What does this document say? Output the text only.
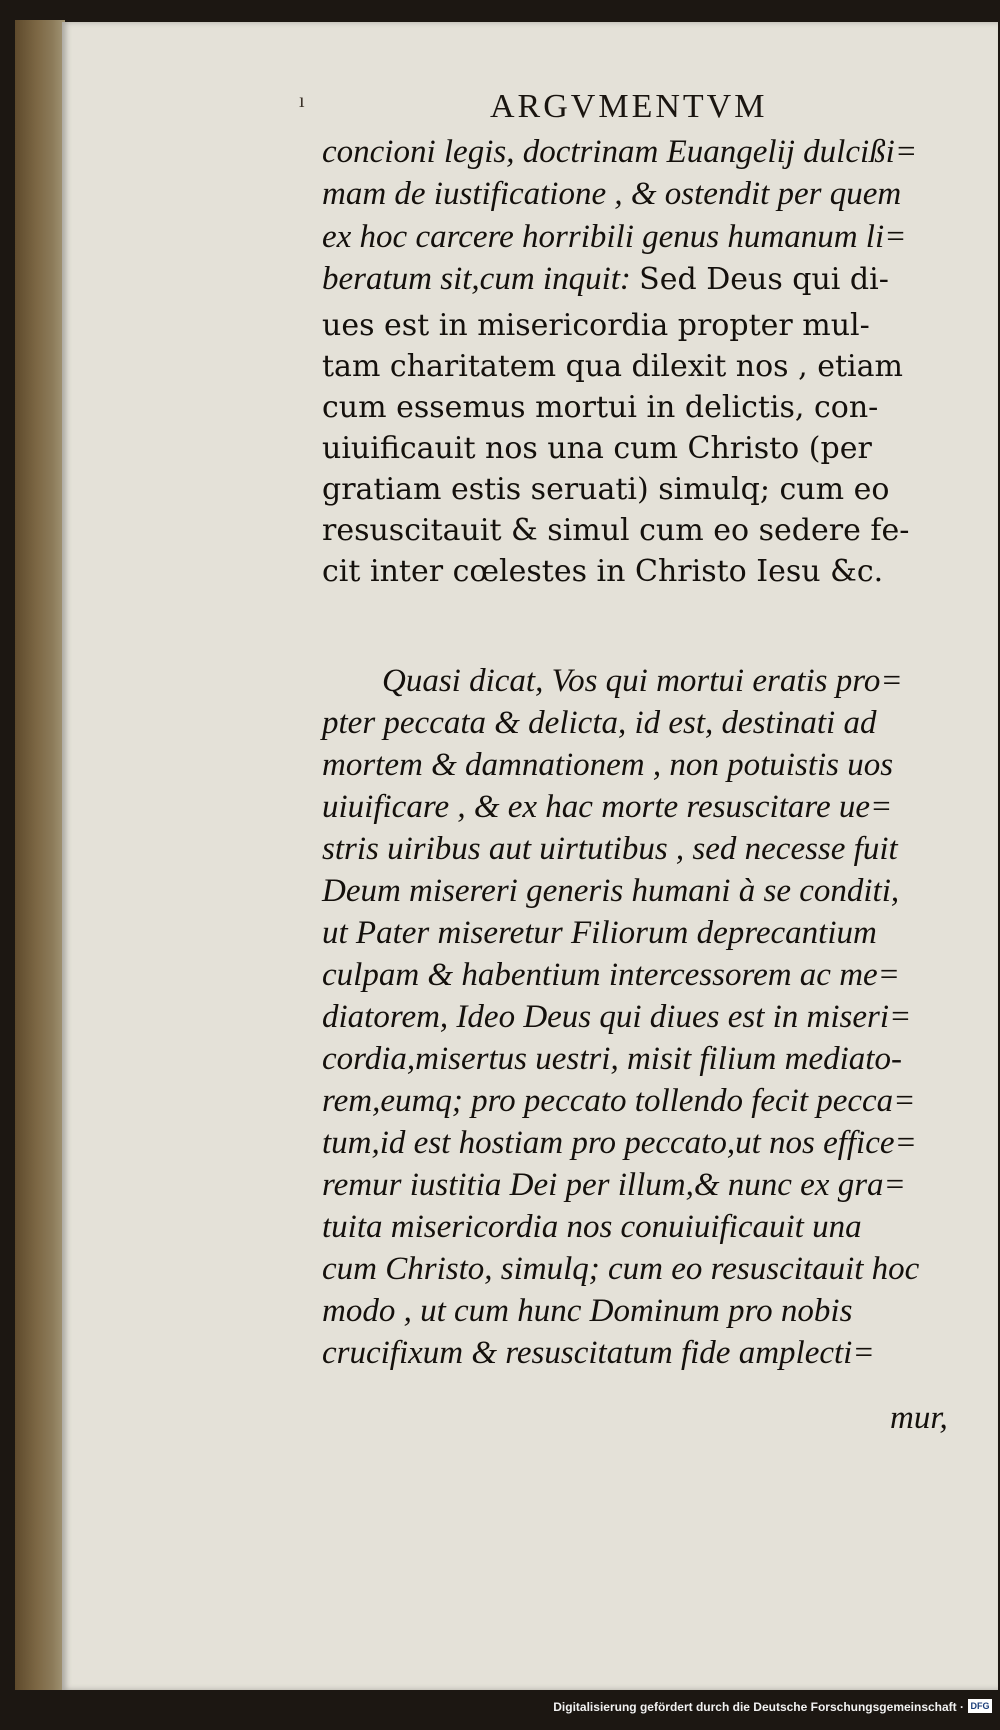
ı	ARGVMENTVM
concioni legis, doctrinam Euangelij dulcißi=
mam de iustificatione , & ostendit per quem
ex hoc carcere horribili genus humanum li=
beratum sit,cum inquit: Sed Deus qui di-
ues est in misericordia propter mul-
tam charitatem qua dilexit nos , etiam
cum essemus mortui in delictis, con-
uiuificauit nos una cum Christo (per
gratiam estis seruati) simulq; cum eo
resuscitauit & simul cum eo sedere fe-
cit inter cœlestes in Christo Iesu &c.
Quasi dicat, Vos qui mortui eratis pro=
pter peccata & delicta, id est, destinati ad
mortem & damnationem , non potuistis uos
uiuificare , & ex hac morte resuscitare ue=
stris uiribus aut uirtutibus , sed necesse fuit
Deum misereri generis humani à se conditi,
ut Pater miseretur Filiorum deprecantium
culpam & habentium intercessorem ac me=
diatorem, Ideo Deus qui diues est in miseri=
cordia,misertus uestri, misit filium mediato-
rem,eumq; pro peccato tollendo fecit pecca=
tum,id est hostiam pro peccato,ut nos effice=
remur iustitia Dei per illum,& nunc ex gra=
tuita misericordia nos conuiuificauit una
cum Christo, simulq; cum eo resuscitauit hoc
modo , ut cum hunc Dominum pro nobis
crucifixum & resuscitatum fide amplecti=
mur,
Digitalisierung gefördert durch die Deutsche Forschungsgemeinschaft · DFG
